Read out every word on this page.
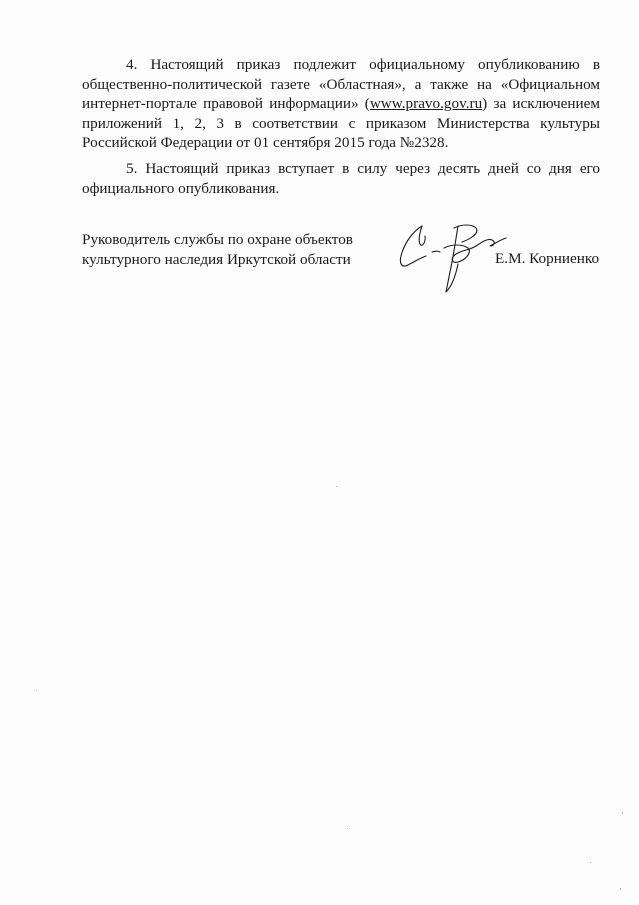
4. Настоящий приказ подлежит официальному опубликованию в общественно-политической газете «Областная», а также на «Официальном интернет-портале правовой информации» (www.pravo.gov.ru) за исключением приложений 1, 2, 3 в соответствии с приказом Министерства культуры Российской Федерации от 01 сентября 2015 года №2328.

5. Настоящий приказ вступает в силу через десять дней со дня его официального опубликования.

Руководитель службы по охране объектов
культурного наследия Иркутской области	Е.М. Корниенко
